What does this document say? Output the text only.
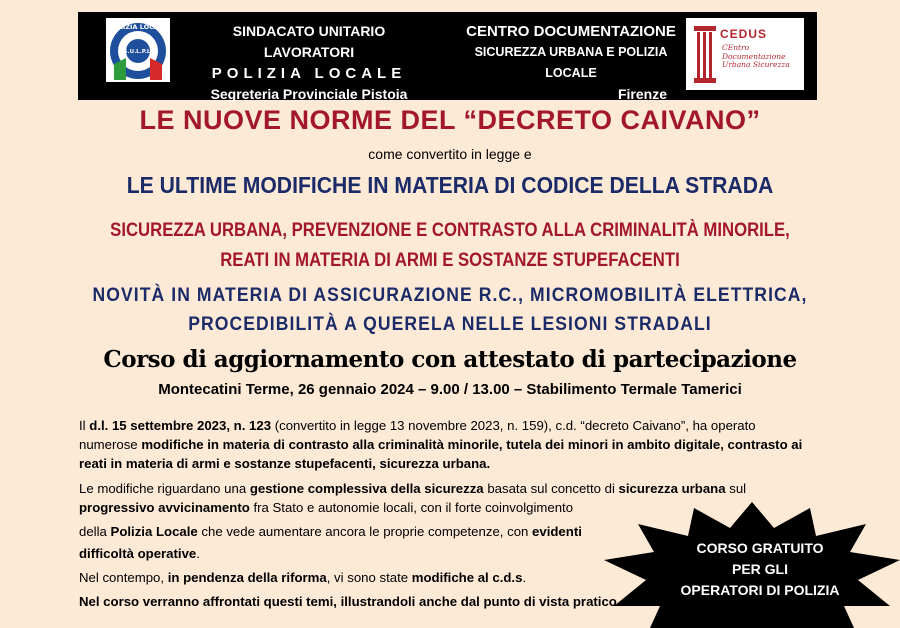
POLIZIA LOCALE
S.U.L.P.L.
SINDACATO UNITARIO LAVORATORI
POLIZIA LOCALE
Segreteria Provinciale Pistoia
CENTRO DOCUMENTAZIONE
SICUREZZA URBANA E POLIZIA LOCALE
Firenze
CEDUS
CEntro Documentazione Urbana Sicurezza
LE NUOVE NORME DEL “DECRETO CAIVANO”
come convertito in legge e
LE ULTIME MODIFICHE IN MATERIA DI CODICE DELLA STRADA
SICUREZZA URBANA, PREVENZIONE E CONTRASTO ALLA CRIMINALITÀ MINORILE,
REATI IN MATERIA DI ARMI E SOSTANZE STUPEFACENTI
NOVITÀ IN MATERIA DI ASSICURAZIONE R.C., MICROMOBILITÀ ELETTRICA,
PROCEDIBILITÀ A QUERELA NELLE LESIONI STRADALI
Corso di aggiornamento con attestato di partecipazione
Montecatini Terme, 26 gennaio 2024 – 9.00 / 13.00 – Stabilimento Termale Tamerici
Il d.l. 15 settembre 2023, n. 123 (convertito in legge 13 novembre 2023, n. 159), c.d. “decreto Caivano”, ha operato numerose modifiche in materia di contrasto alla criminalità minorile, tutela dei minori in ambito digitale, contrasto ai reati in materia di armi e sostanze stupefacenti, sicurezza urbana.
Le modifiche riguardano una gestione complessiva della sicurezza basata sul concetto di sicurezza urbana sul progressivo avvicinamento fra Stato e autonomie locali, con il forte coinvolgimento
della Polizia Locale che vede aumentare ancora le proprie competenze, con evidenti
difficoltà operative.
Nel contempo, in pendenza della riforma, vi sono state modifiche al c.d.s.
Nel corso verranno affrontati questi temi, illustrandoli anche dal punto di vista pratico.
CORSO GRATUITO
PER GLI
OPERATORI DI POLIZIA
